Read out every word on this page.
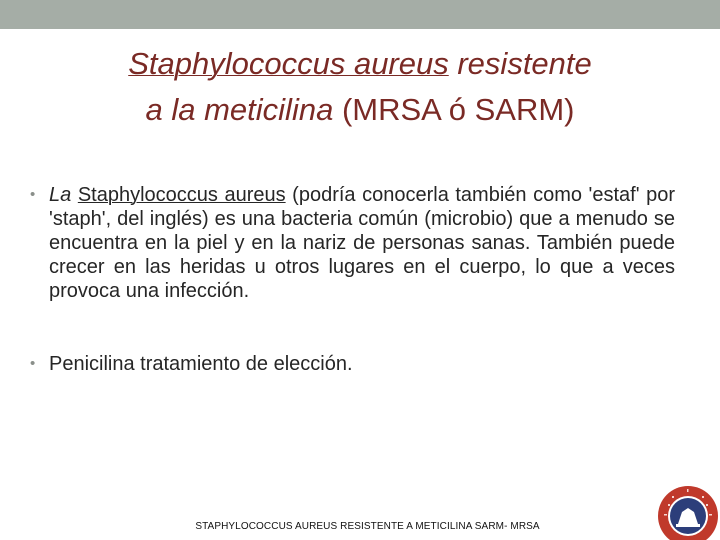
Staphylococcus aureus resistente
a la meticilina (MRSA ó SARM)
• La Staphylococcus aureus (podría conocerla también como 'estaf' por 'staph', del inglés) es una bacteria común (microbio) que a menudo se encuentra en la piel y en la nariz de personas sanas. También puede crecer en las heridas u otros lugares en el cuerpo, lo que a veces provoca una infección.
• Penicilina tratamiento de elección.
STAPHYLOCOCCUS AUREUS RESISTENTE A METICILINA SARM- MRSA
